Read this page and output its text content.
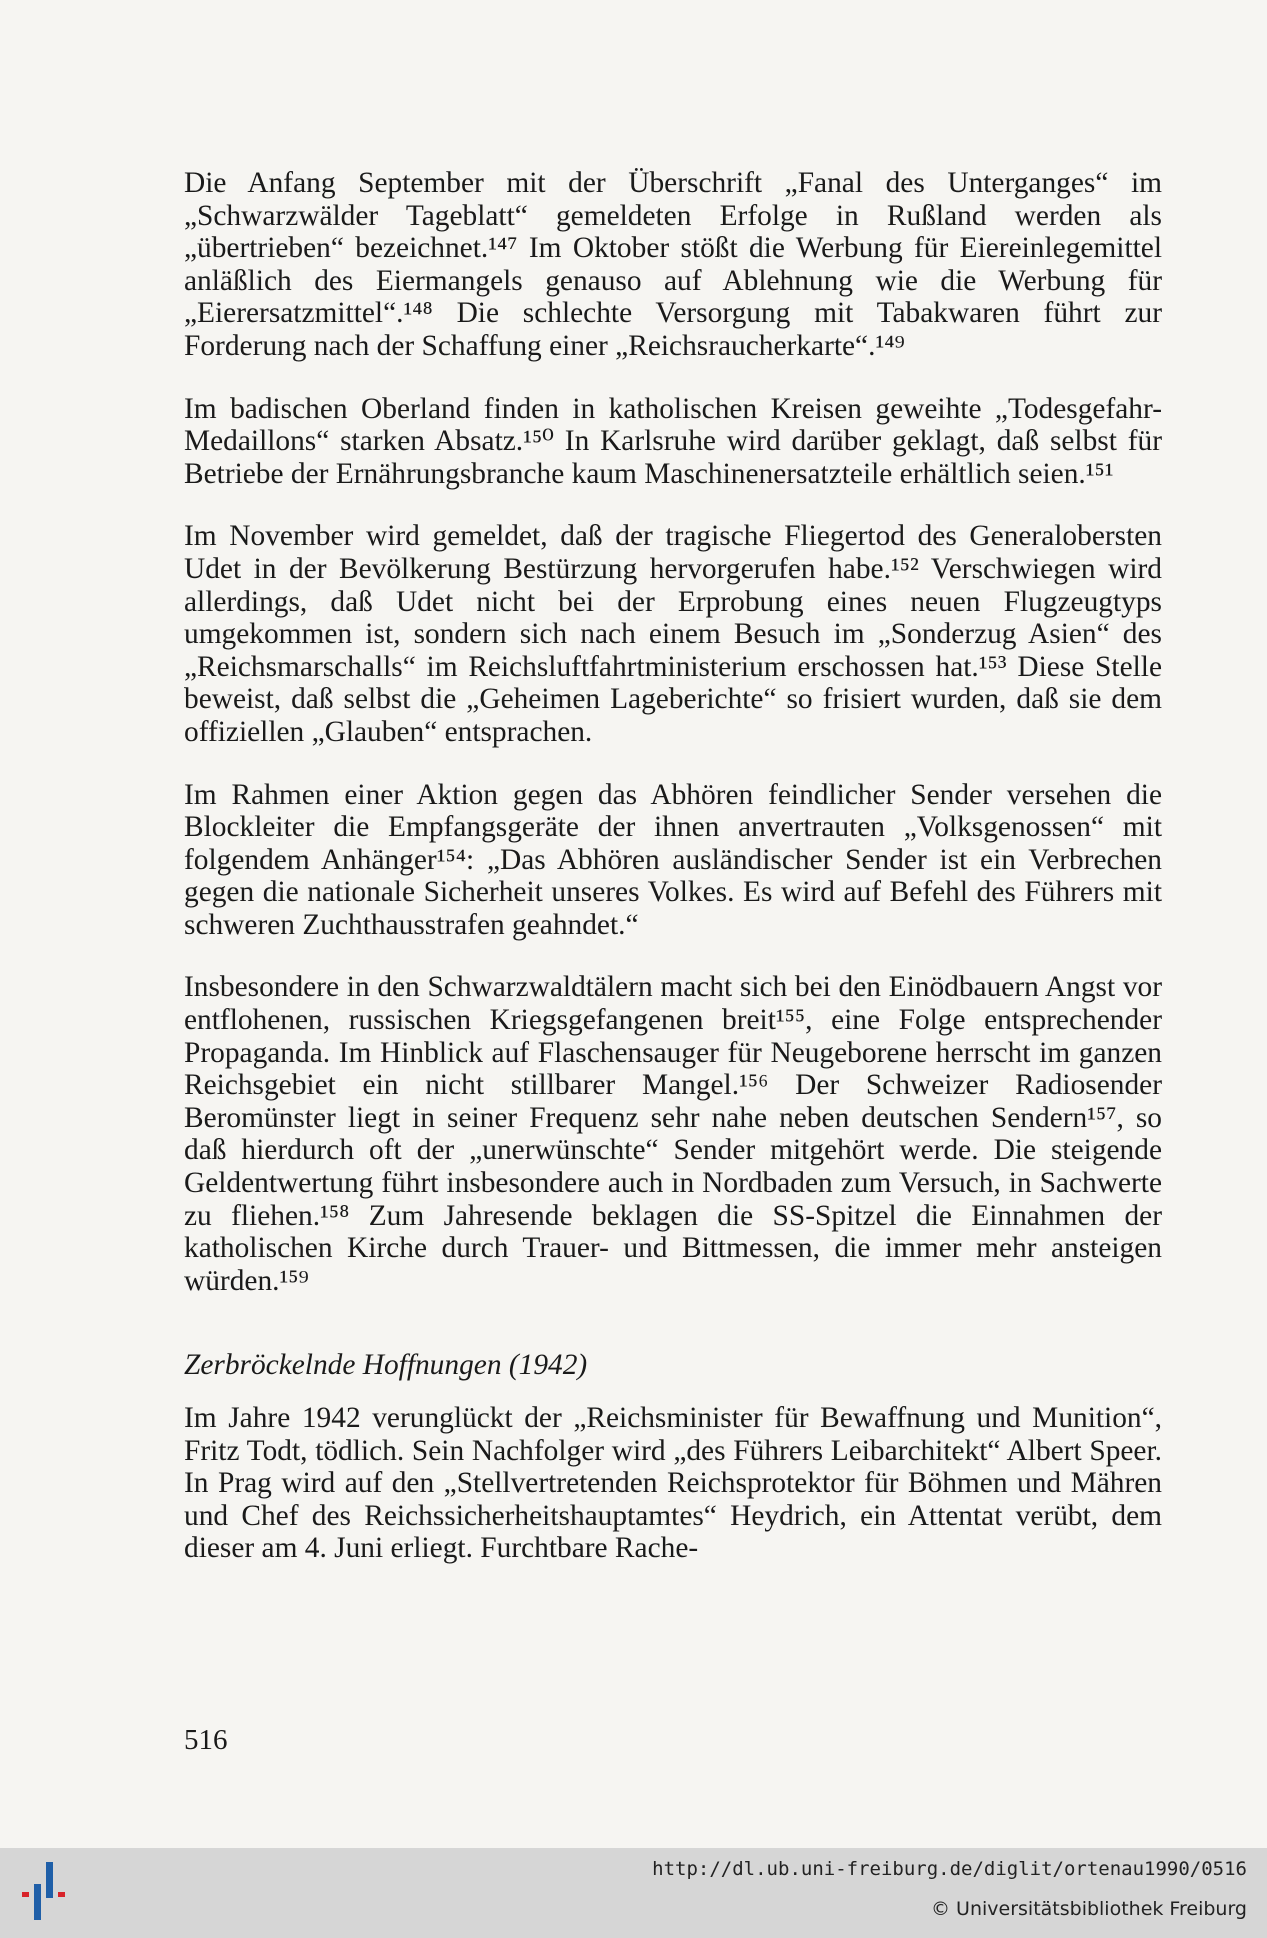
Die Anfang September mit der Überschrift „Fanal des Unterganges“ im „Schwarzwälder Tageblatt“ gemeldeten Erfolge in Rußland werden als „übertrieben“ bezeichnet.¹⁴⁷ Im Oktober stößt die Werbung für Eiereinlegemittel anläßlich des Eiermangels genauso auf Ablehnung wie die Werbung für „Eierersatzmittel“.¹⁴⁸ Die schlechte Versorgung mit Tabakwaren führt zur Forderung nach der Schaffung einer „Reichsraucherkarte“.¹⁴⁹

Im badischen Oberland finden in katholischen Kreisen geweihte „Todesgefahr-Medaillons“ starken Absatz.¹⁵⁰ In Karlsruhe wird darüber geklagt, daß selbst für Betriebe der Ernährungsbranche kaum Maschinenersatzteile erhältlich seien.¹⁵¹

Im November wird gemeldet, daß der tragische Fliegertod des Generalobersten Udet in der Bevölkerung Bestürzung hervorgerufen habe.¹⁵² Verschwiegen wird allerdings, daß Udet nicht bei der Erprobung eines neuen Flugzeugtyps umgekommen ist, sondern sich nach einem Besuch im „Sonderzug Asien“ des „Reichsmarschalls“ im Reichsluftfahrtministerium erschossen hat.¹⁵³ Diese Stelle beweist, daß selbst die „Geheimen Lageberichte“ so frisiert wurden, daß sie dem offiziellen „Glauben“ entsprachen.

Im Rahmen einer Aktion gegen das Abhören feindlicher Sender versehen die Blockleiter die Empfangsgeräte der ihnen anvertrauten „Volksgenossen“ mit folgendem Anhänger¹⁵⁴: „Das Abhören ausländischer Sender ist ein Verbrechen gegen die nationale Sicherheit unseres Volkes. Es wird auf Befehl des Führers mit schweren Zuchthausstrafen geahndet.“

Insbesondere in den Schwarzwaldtälern macht sich bei den Einödbauern Angst vor entflohenen, russischen Kriegsgefangenen breit¹⁵⁵, eine Folge entsprechender Propaganda. Im Hinblick auf Flaschensauger für Neugeborene herrscht im ganzen Reichsgebiet ein nicht stillbarer Mangel.¹⁵⁶ Der Schweizer Radiosender Beromünster liegt in seiner Frequenz sehr nahe neben deutschen Sendern¹⁵⁷, so daß hierdurch oft der „unerwünschte“ Sender mitgehört werde. Die steigende Geldentwertung führt insbesondere auch in Nordbaden zum Versuch, in Sachwerte zu fliehen.¹⁵⁸ Zum Jahresende beklagen die SS-Spitzel die Einnahmen der katholischen Kirche durch Trauer- und Bittmessen, die immer mehr ansteigen würden.¹⁵⁹

Zerbröckelnde Hoffnungen (1942)

Im Jahre 1942 verunglückt der „Reichsminister für Bewaffnung und Munition“, Fritz Todt, tödlich. Sein Nachfolger wird „des Führers Leibarchitekt“ Albert Speer. In Prag wird auf den „Stellvertretenden Reichsprotektor für Böhmen und Mähren und Chef des Reichssicherheitshauptamtes“ Heydrich, ein Attentat verübt, dem dieser am 4. Juni erliegt. Furchtbare Rache-

516
http://dl.ub.uni-freiburg.de/diglit/ortenau1990/0516
© Universitätsbibliothek Freiburg
